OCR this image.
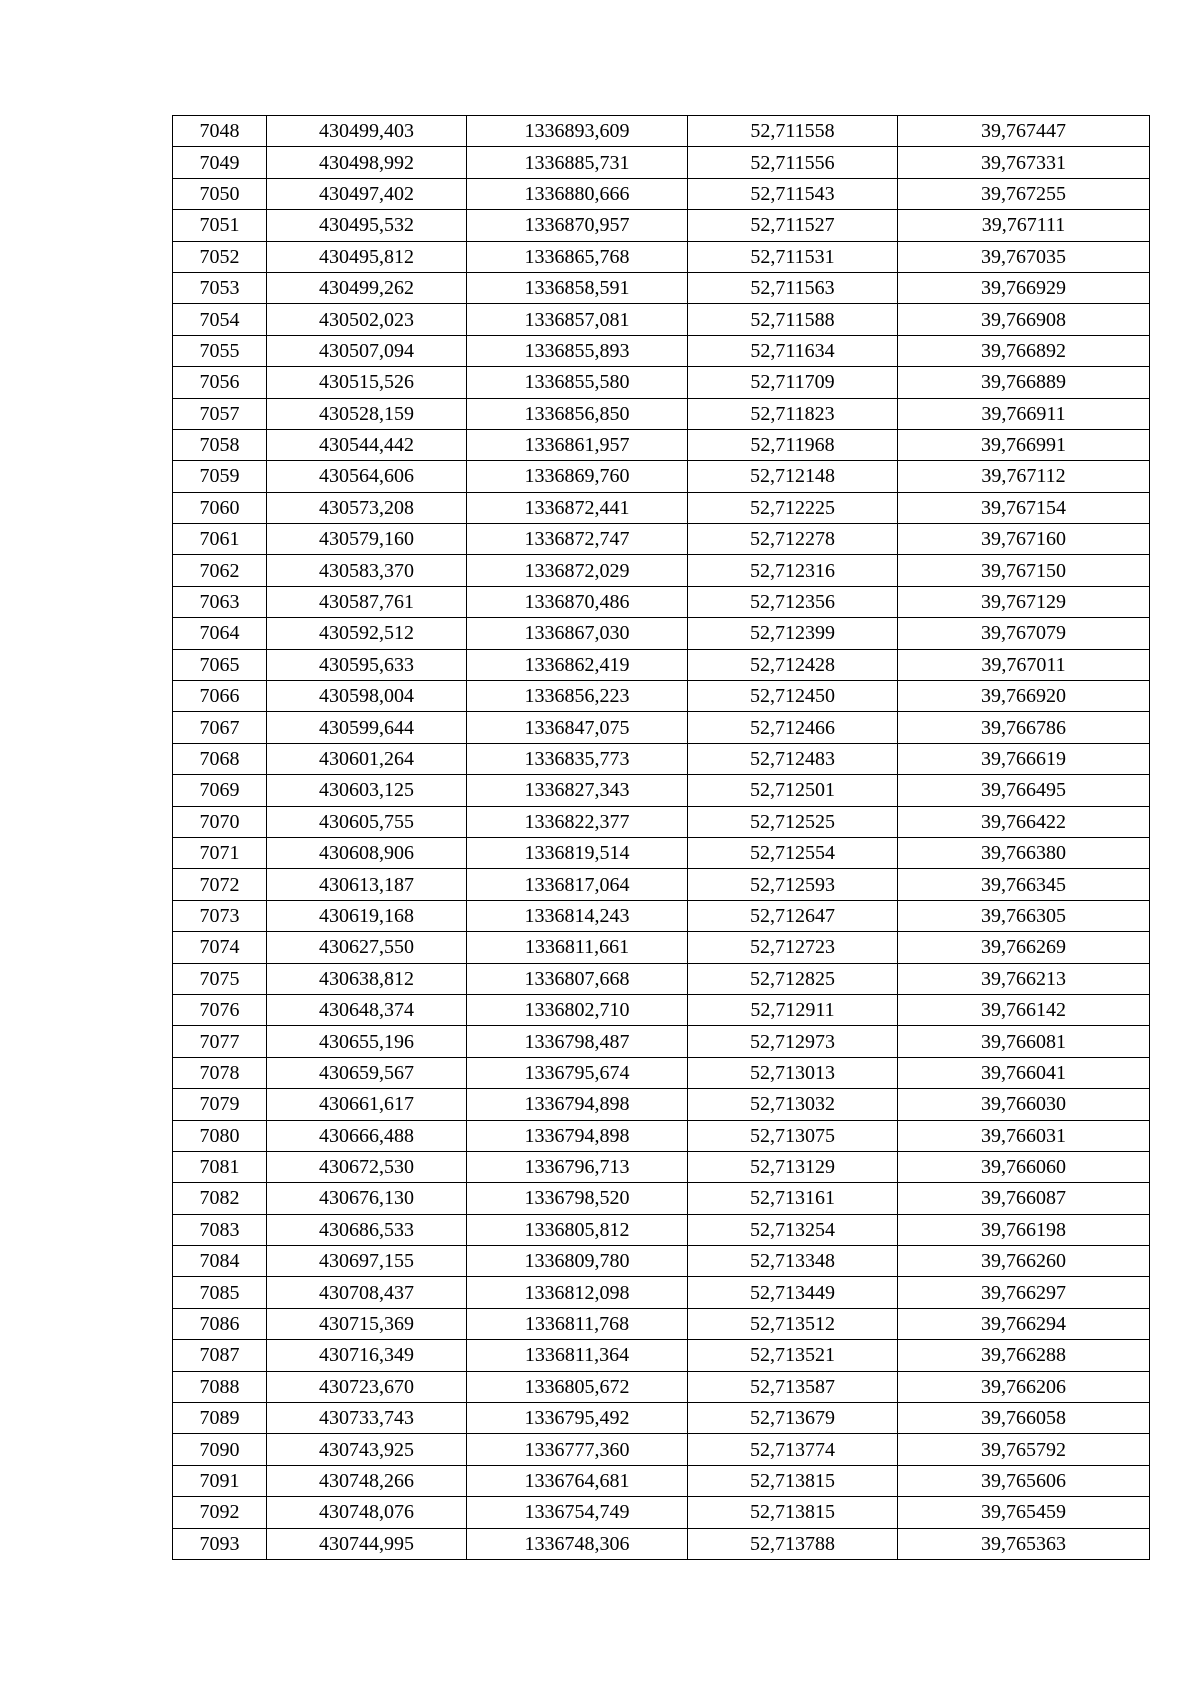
7048	430499,403	1336893,609	52,711558	39,767447
7049	430498,992	1336885,731	52,711556	39,767331
7050	430497,402	1336880,666	52,711543	39,767255
7051	430495,532	1336870,957	52,711527	39,767111
7052	430495,812	1336865,768	52,711531	39,767035
7053	430499,262	1336858,591	52,711563	39,766929
7054	430502,023	1336857,081	52,711588	39,766908
7055	430507,094	1336855,893	52,711634	39,766892
7056	430515,526	1336855,580	52,711709	39,766889
7057	430528,159	1336856,850	52,711823	39,766911
7058	430544,442	1336861,957	52,711968	39,766991
7059	430564,606	1336869,760	52,712148	39,767112
7060	430573,208	1336872,441	52,712225	39,767154
7061	430579,160	1336872,747	52,712278	39,767160
7062	430583,370	1336872,029	52,712316	39,767150
7063	430587,761	1336870,486	52,712356	39,767129
7064	430592,512	1336867,030	52,712399	39,767079
7065	430595,633	1336862,419	52,712428	39,767011
7066	430598,004	1336856,223	52,712450	39,766920
7067	430599,644	1336847,075	52,712466	39,766786
7068	430601,264	1336835,773	52,712483	39,766619
7069	430603,125	1336827,343	52,712501	39,766495
7070	430605,755	1336822,377	52,712525	39,766422
7071	430608,906	1336819,514	52,712554	39,766380
7072	430613,187	1336817,064	52,712593	39,766345
7073	430619,168	1336814,243	52,712647	39,766305
7074	430627,550	1336811,661	52,712723	39,766269
7075	430638,812	1336807,668	52,712825	39,766213
7076	430648,374	1336802,710	52,712911	39,766142
7077	430655,196	1336798,487	52,712973	39,766081
7078	430659,567	1336795,674	52,713013	39,766041
7079	430661,617	1336794,898	52,713032	39,766030
7080	430666,488	1336794,898	52,713075	39,766031
7081	430672,530	1336796,713	52,713129	39,766060
7082	430676,130	1336798,520	52,713161	39,766087
7083	430686,533	1336805,812	52,713254	39,766198
7084	430697,155	1336809,780	52,713348	39,766260
7085	430708,437	1336812,098	52,713449	39,766297
7086	430715,369	1336811,768	52,713512	39,766294
7087	430716,349	1336811,364	52,713521	39,766288
7088	430723,670	1336805,672	52,713587	39,766206
7089	430733,743	1336795,492	52,713679	39,766058
7090	430743,925	1336777,360	52,713774	39,765792
7091	430748,266	1336764,681	52,713815	39,765606
7092	430748,076	1336754,749	52,713815	39,765459
7093	430744,995	1336748,306	52,713788	39,765363
